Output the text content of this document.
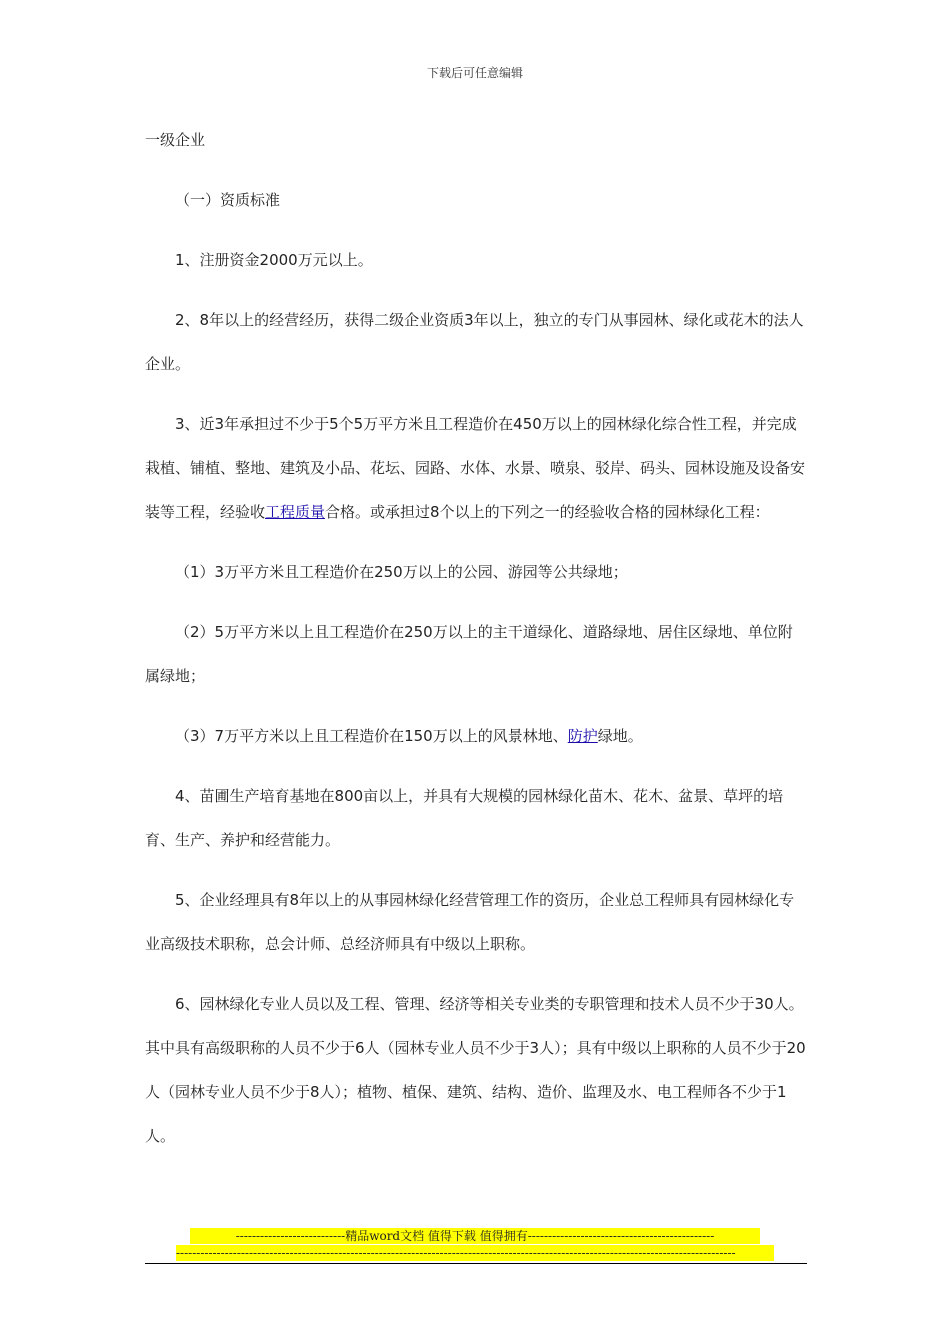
下载后可任意编辑

一级企业

（一）资质标准

1、注册资金2000万元以上。

2、8年以上的经营经历，获得二级企业资质3年以上，独立的专门从事园林、绿化或花木的法人企业。

3、近3年承担过不少于5个5万平方米且工程造价在450万以上的园林绿化综合性工程，并完成栽植、铺植、整地、建筑及小品、花坛、园路、水体、水景、喷泉、驳岸、码头、园林设施及设备安装等工程，经验收工程质量合格。或承担过8个以上的下列之一的经验收合格的园林绿化工程：

（1）3万平方米且工程造价在250万以上的公园、游园等公共绿地；

（2）5万平方米以上且工程造价在250万以上的主干道绿化、道路绿地、居住区绿地、单位附属绿地；

（3）7万平方米以上且工程造价在150万以上的风景林地、防护绿地。

4、苗圃生产培育基地在800亩以上，并具有大规模的园林绿化苗木、花木、盆景、草坪的培育、生产、养护和经营能力。

5、企业经理具有8年以上的从事园林绿化经营管理工作的资历，企业总工程师具有园林绿化专业高级技术职称，总会计师、总经济师具有中级以上职称。

6、园林绿化专业人员以及工程、管理、经济等相关专业类的专职管理和技术人员不少于30人。其中具有高级职称的人员不少于6人（园林专业人员不少于3人）；具有中级以上职称的人员不少于20人（园林专业人员不少于8人）；植物、植保、建筑、结构、造价、监理及水、电工程师各不少于1人。

---------------------------精品word文档 值得下载 值得拥有----------------------------------------------
------------------------------------------------------------------------------------------------------------------------------------------
